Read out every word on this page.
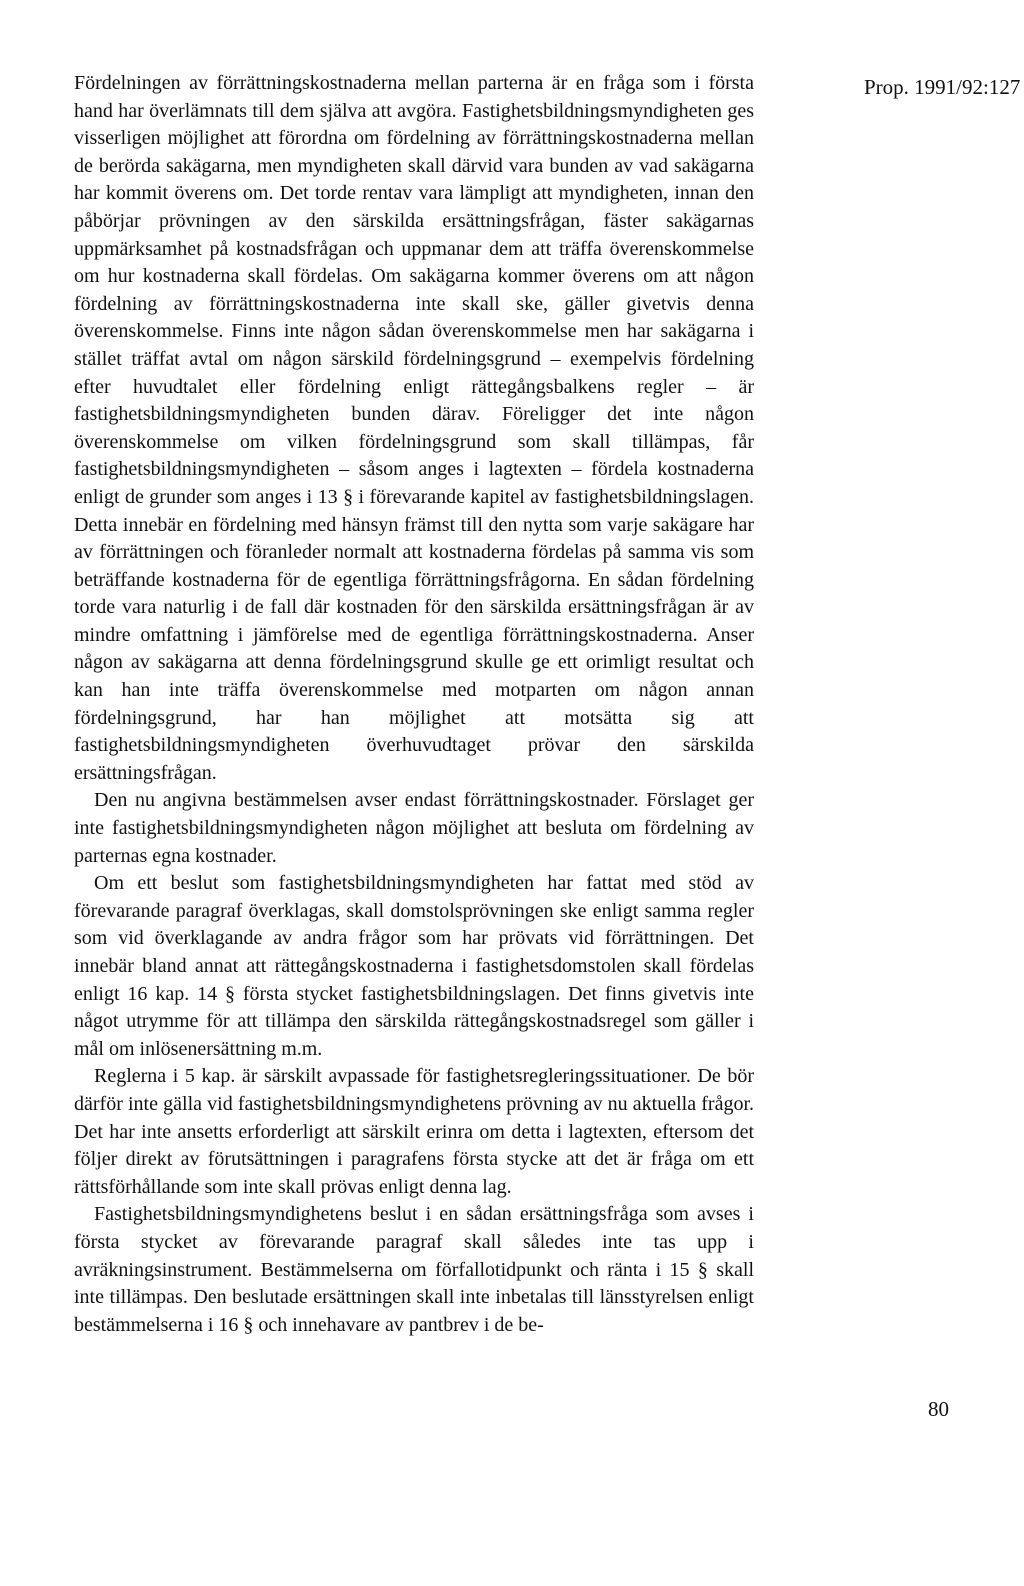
Prop. 1991/92:127

Fördelningen av förrättningskostnaderna mellan parterna är en fråga som i första hand har överlämnats till dem själva att avgöra. Fastighetsbildningsmyndigheten ges visserligen möjlighet att förordna om fördelning av förrättningskostnaderna mellan de berörda sakägarna, men myndigheten skall därvid vara bunden av vad sakägarna har kommit överens om. Det torde rentav vara lämpligt att myndigheten, innan den påbörjar prövningen av den särskilda ersättningsfrågan, fäster sakägarnas uppmärksamhet på kostnadsfrågan och uppmanar dem att träffa överenskommelse om hur kostnaderna skall fördelas. Om sakägarna kommer överens om att någon fördelning av förrättningskostnaderna inte skall ske, gäller givetvis denna överenskommelse. Finns inte någon sådan överenskommelse men har sakägarna i stället träffat avtal om någon särskild fördelningsgrund – exempelvis fördelning efter huvudtalet eller fördelning enligt rättegångsbalkens regler – är fastighetsbildningsmyndigheten bunden därav. Föreligger det inte någon överenskommelse om vilken fördelningsgrund som skall tillämpas, får fastighetsbildningsmyndigheten – såsom anges i lagtexten – fördela kostnaderna enligt de grunder som anges i 13 § i förevarande kapitel av fastighetsbildningslagen. Detta innebär en fördelning med hänsyn främst till den nytta som varje sakägare har av förrättningen och föranleder normalt att kostnaderna fördelas på samma vis som beträffande kostnaderna för de egentliga förrättningsfrågorna. En sådan fördelning torde vara naturlig i de fall där kostnaden för den särskilda ersättningsfrågan är av mindre omfattning i jämförelse med de egentliga förrättningskostnaderna. Anser någon av sakägarna att denna fördelningsgrund skulle ge ett orimligt resultat och kan han inte träffa överenskommelse med motparten om någon annan fördelningsgrund, har han möjlighet att motsätta sig att fastighetsbildningsmyndigheten överhuvudtaget prövar den särskilda ersättningsfrågan.

Den nu angivna bestämmelsen avser endast förrättningskostnader. Förslaget ger inte fastighetsbildningsmyndigheten någon möjlighet att besluta om fördelning av parternas egna kostnader.

Om ett beslut som fastighetsbildningsmyndigheten har fattat med stöd av förevarande paragraf överklagas, skall domstolsprövningen ske enligt samma regler som vid överklagande av andra frågor som har prövats vid förrättningen. Det innebär bland annat att rättegångskostnaderna i fastighetsdomstolen skall fördelas enligt 16 kap. 14 § första stycket fastighetsbildningslagen. Det finns givetvis inte något utrymme för att tillämpa den särskilda rättegångskostnadsregel som gäller i mål om inlösenersättning m.m.

Reglerna i 5 kap. är särskilt avpassade för fastighetsregleringssituationer. De bör därför inte gälla vid fastighetsbildningsmyndighetens prövning av nu aktuella frågor. Det har inte ansetts erforderligt att särskilt erinra om detta i lagtexten, eftersom det följer direkt av förutsättningen i paragrafens första stycke att det är fråga om ett rättsförhållande som inte skall prövas enligt denna lag.

Fastighetsbildningsmyndighetens beslut i en sådan ersättningsfråga som avses i första stycket av förevarande paragraf skall således inte tas upp i avräkningsinstrument. Bestämmelserna om förfallotidpunkt och ränta i 15 § skall inte tillämpas. Den beslutade ersättningen skall inte inbetalas till länsstyrelsen enligt bestämmelserna i 16 § och innehavare av pantbrev i de be-

80
